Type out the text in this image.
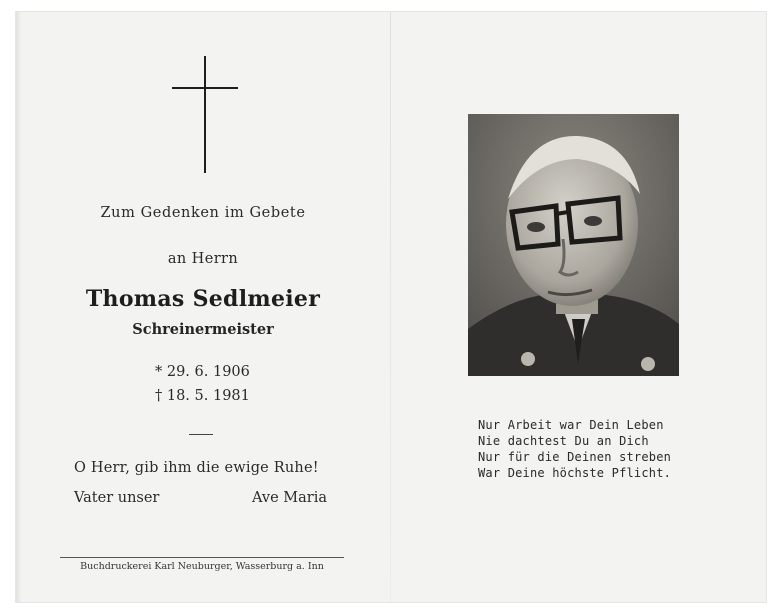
Zum Gedenken im Gebete
an Herrn
Thomas Sedlmeier
Schreinermeister
* 29. 6. 1906
† 18. 5. 1981
O Herr, gib ihm die ewige Ruhe!
Vater unser	Ave Maria
Buchdruckerei Karl Neuburger, Wasserburg a. Inn
Nur Arbeit war Dein Leben
Nie dachtest Du an Dich
Nur für die Deinen streben
War Deine höchste Pflicht.
